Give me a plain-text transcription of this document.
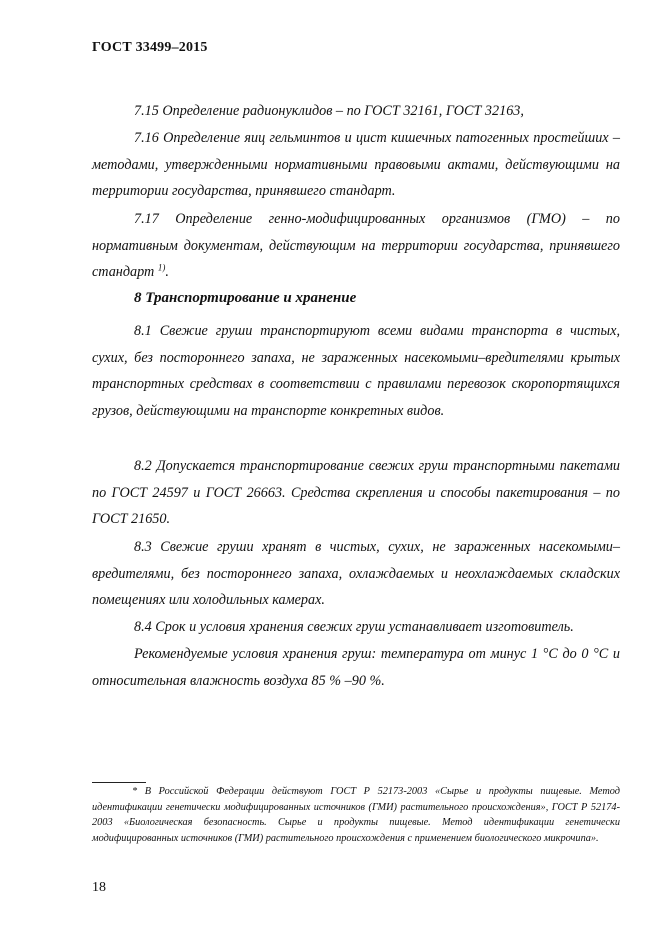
ГОСТ 33499–2015
7.15 Определение радионуклидов – по ГОСТ 32161, ГОСТ 32163,
7.16 Определение яиц гельминтов и цист кишечных патогенных простейших – методами, утвержденными нормативными правовыми актами, действующими на территории государства, принявшего стандарт.
7.17 Определение генно-модифицированных организмов (ГМО) – по нормативным документам, действующим на территории государства, принявшего стандарт $^{1)}$.
8 Транспортирование и хранение
8.1 Свежие груши транспортируют всеми видами транспорта в чистых, сухих, без постороннего запаха, не зараженных насекомыми–вредителями крытых транспортных средствах в соответствии с правилами перевозок скоропортящихся грузов, действующими на транспорте конкретных видов.
8.2 Допускается транспортирование свежих груш транспортными пакетами по ГОСТ 24597 и ГОСТ 26663. Средства скрепления и способы пакетирования – по ГОСТ 21650.
8.3 Свежие груши хранят в чистых, сухих, не зараженных насекомыми–вредителями, без постороннего запаха, охлаждаемых и неохлаждаемых складских помещениях или холодильных камерах.
8.4 Срок и условия хранения свежих груш устанавливает изготовитель.
Рекомендуемые условия хранения груш: температура от минус 1 °С до 0 °С и относительная влажность воздуха 85 % –90 %.
* В Российской Федерации действуют ГОСТ Р 52173-2003 «Сырье и продукты пищевые. Метод идентификации генетически модифицированных источников (ГМИ) растительного происхождения», ГОСТ Р 52174-2003 «Биологическая безопасность. Сырье и продукты пищевые. Метод идентификации генетически модифицированных источников (ГМИ) растительного происхождения с применением биологического микрочипа».
18
